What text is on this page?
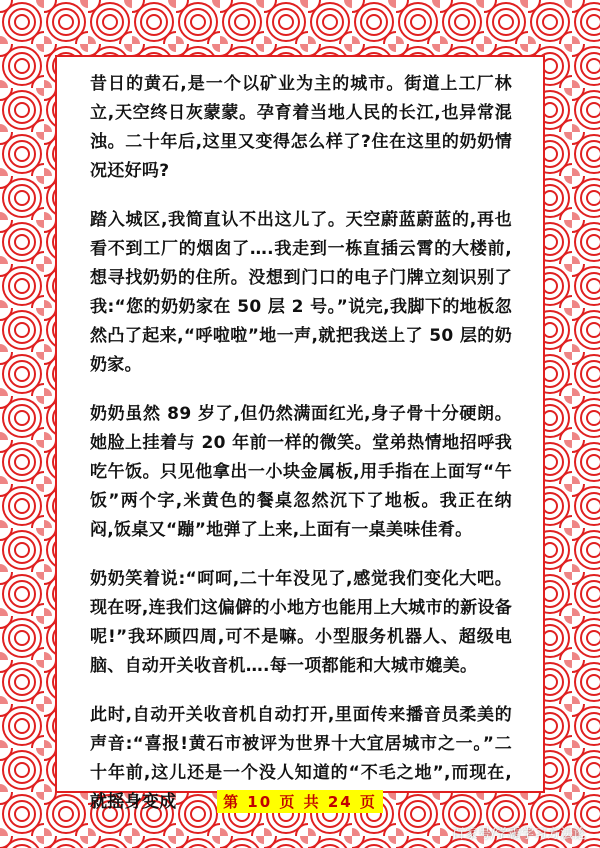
昔日的黄石,是一个以矿业为主的城市。街道上工厂林立,天空终日灰蒙蒙。孕育着当地人民的长江,也异常混浊。二十年后,这里又变得怎么样了?住在这里的奶奶情况还好吗?

踏入城区,我简直认不出这儿了。天空蔚蓝蔚蓝的,再也看不到工厂的烟囱了….我走到一栋直插云霄的大楼前,想寻找奶奶的住所。没想到门口的电子门牌立刻识别了我:“您的奶奶家在 50 层 2 号。”说完,我脚下的地板忽然凸了起来,“呼啦啦”地一声,就把我送上了 50 层的奶奶家。

奶奶虽然 89 岁了,但仍然满面红光,身子骨十分硬朗。她脸上挂着与 20 年前一样的微笑。堂弟热情地招呼我吃午饭。只见他拿出一小块金属板,用手指在上面写“午饭”两个字,米黄色的餐桌忽然沉下了地板。我正在纳闷,饭桌又“蹦”地弹了上来,上面有一桌美味佳肴。

奶奶笑着说:“呵呵,二十年没见了,感觉我们变化大吧。现在呀,连我们这偏僻的小地方也能用上大城市的新设备呢!”我环顾四周,可不是嘛。小型服务机器人、超级电脑、自动开关收音机….每一项都能和大城市媲美。

此时,自动开关收音机自动打开,里面传来播音员柔美的声音:“喜报!黄石市被评为世界十大宜居城市之一。”二十年前,这儿还是一个没人知道的“不毛之地”,而现在,就摇身变成	第 10 页 共 24 页
百家号/学霸学习方法论
